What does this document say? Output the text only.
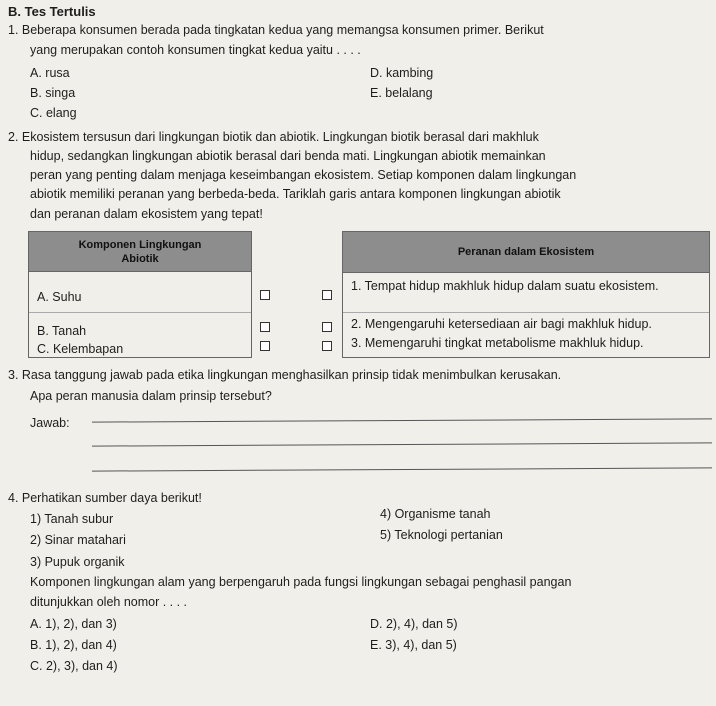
B. Tes Tertulis
1. Beberapa konsumen berada pada tingkatan kedua yang memangsa konsumen primer. Berikut
yang merupakan contoh konsumen tingkat kedua yaitu . . . .
A. rusa
B. singa
C. elang
D. kambing
E. belalang
2. Ekosistem tersusun dari lingkungan biotik dan abiotik. Lingkungan biotik berasal dari makhluk
hidup, sedangkan lingkungan abiotik berasal dari benda mati. Lingkungan abiotik memainkan
peran yang penting dalam menjaga keseimbangan ekosistem. Setiap komponen dalam lingkungan
abiotik memiliki peranan yang berbeda-beda. Tariklah garis antara komponen lingkungan abiotik
dan peranan dalam ekosistem yang tepat!
Komponen Lingkungan Abiotik
A. Suhu
B. Tanah
C. Kelembapan
Peranan dalam Ekosistem
1. Tempat hidup makhluk hidup dalam suatu ekosistem.
2. Mengengaruhi ketersediaan air bagi makhluk hidup.
3. Memengaruhi tingkat metabolisme makhluk hidup.
3. Rasa tanggung jawab pada etika lingkungan menghasilkan prinsip tidak menimbulkan kerusakan.
Apa peran manusia dalam prinsip tersebut?
Jawab:
4. Perhatikan sumber daya berikut!
1) Tanah subur
2) Sinar matahari
3) Pupuk organik
4) Organisme tanah
5) Teknologi pertanian
Komponen lingkungan alam yang berpengaruh pada fungsi lingkungan sebagai penghasil pangan
ditunjukkan oleh nomor . . . .
A. 1), 2), dan 3)
B. 1), 2), dan 4)
C. 2), 3), dan 4)
D. 2), 4), dan 5)
E. 3), 4), dan 5)
